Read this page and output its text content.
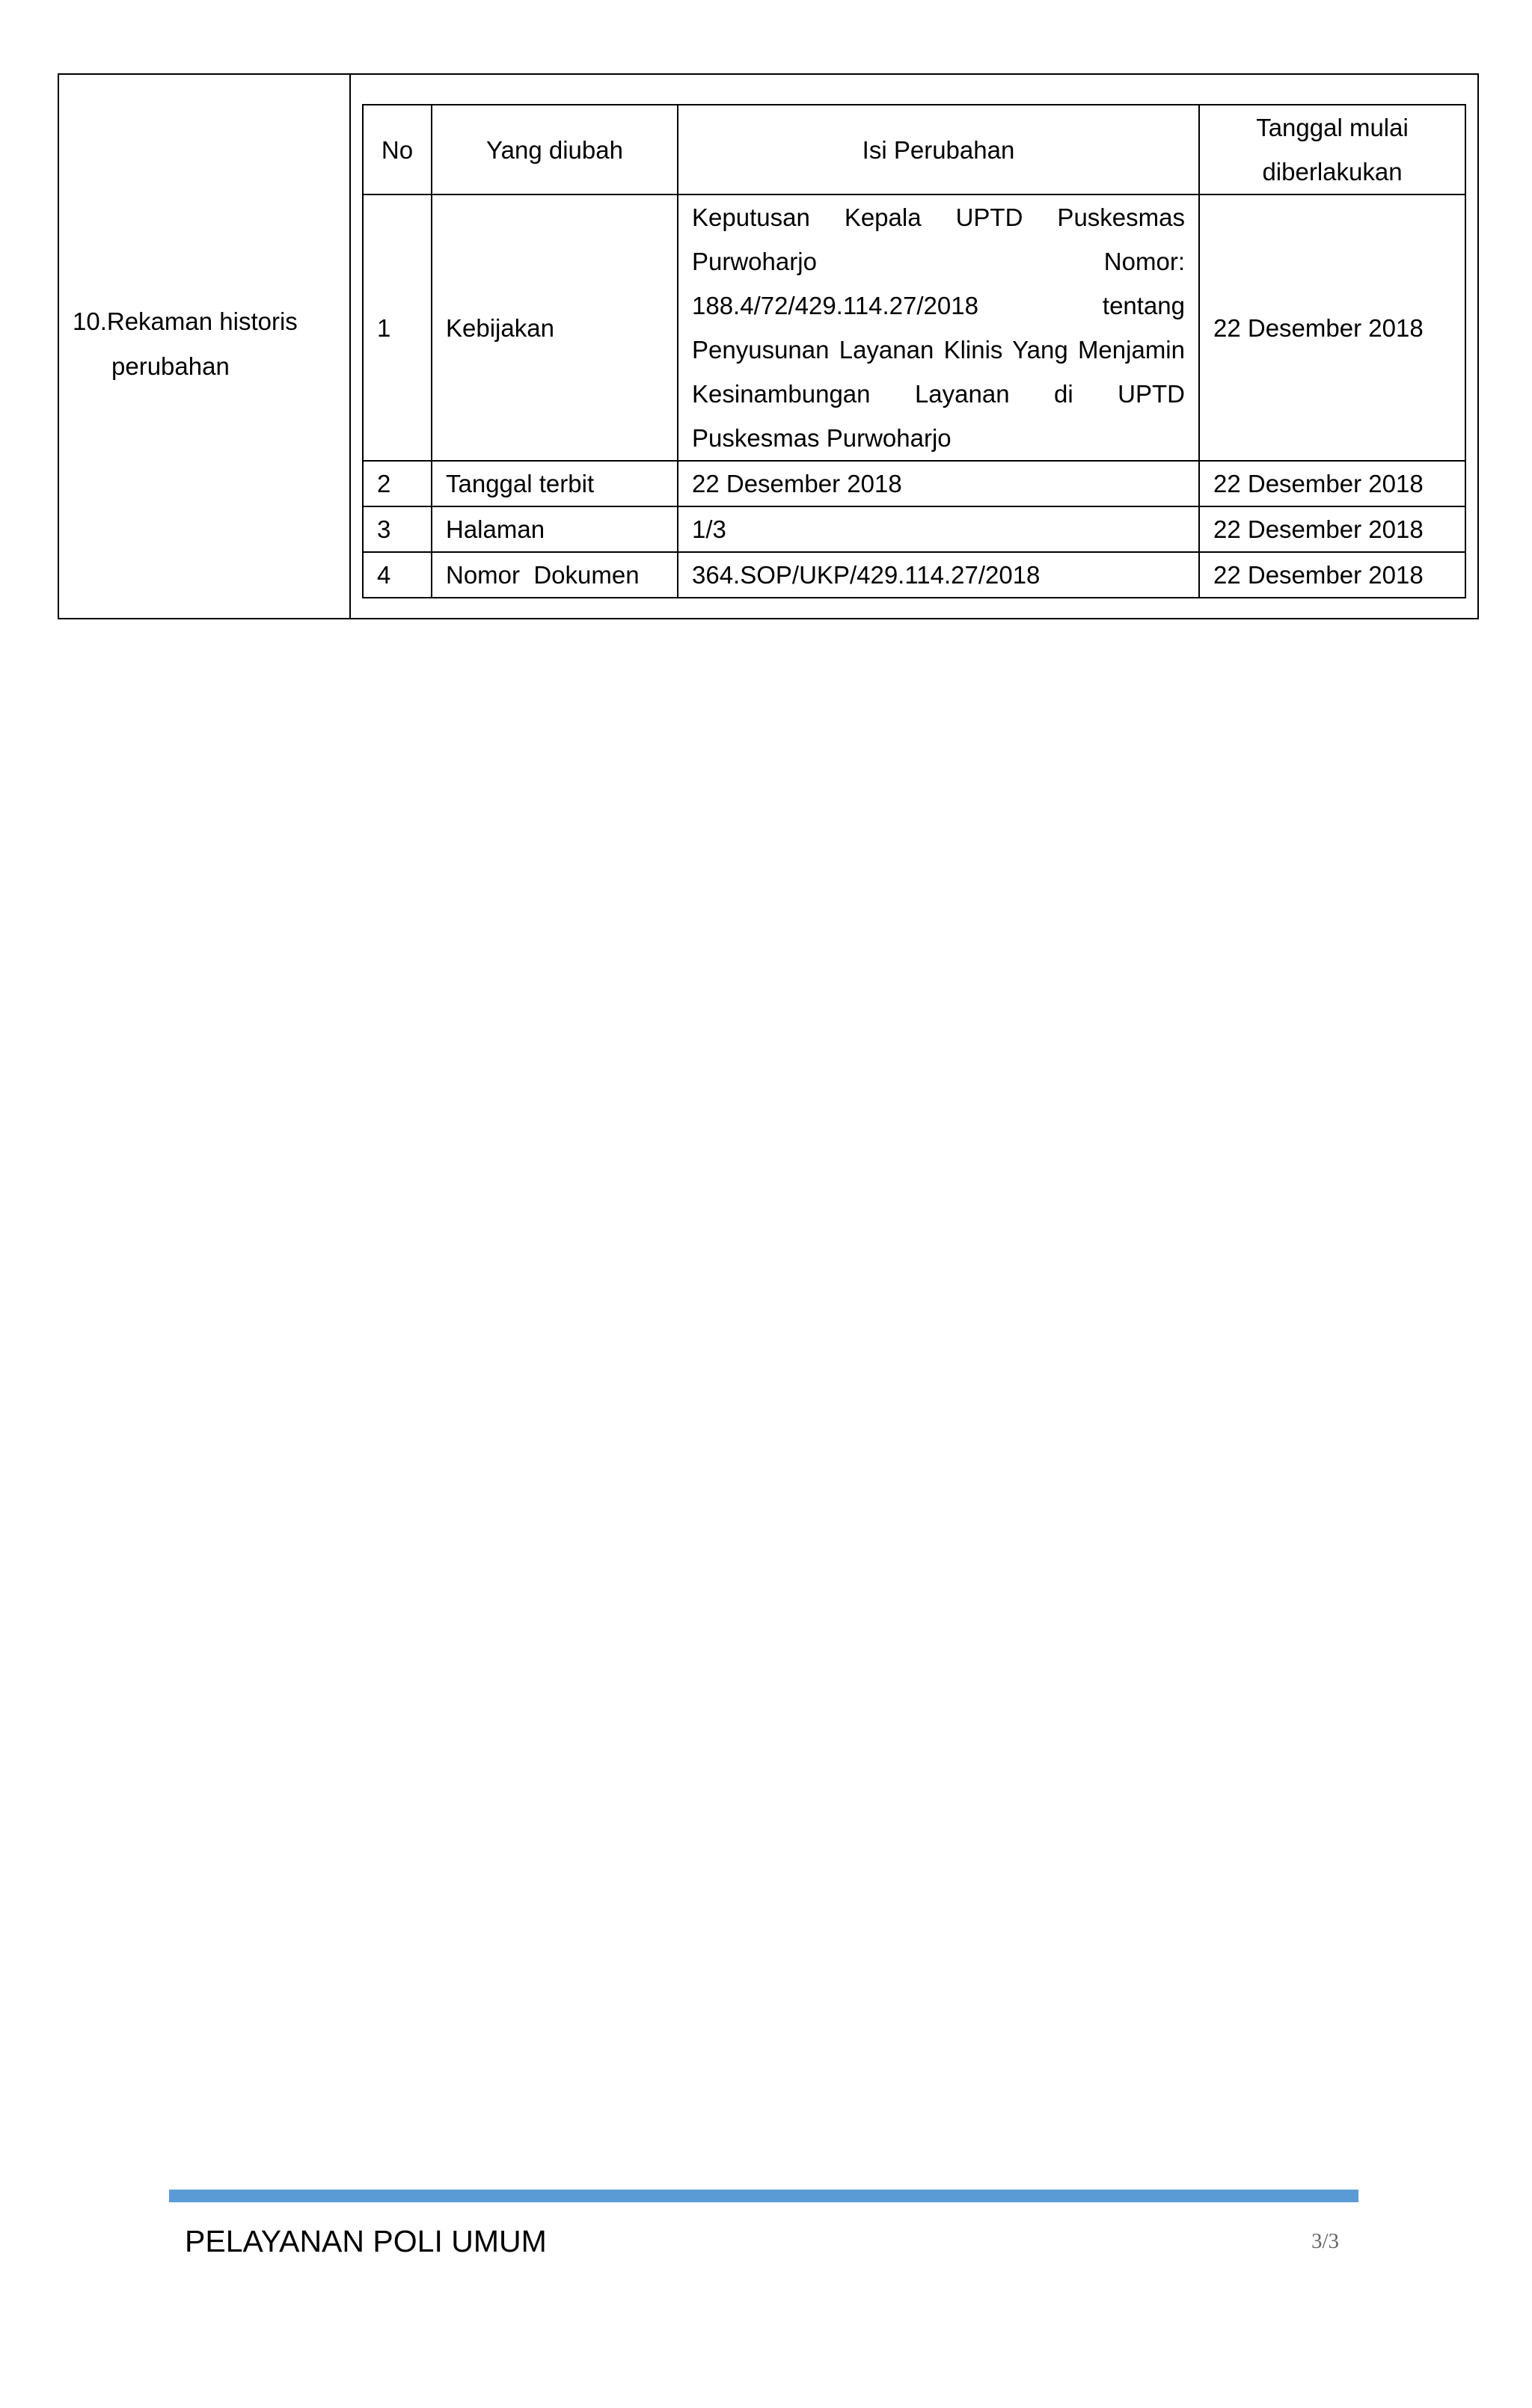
10.Rekaman historis
perubahan
No	Yang diubah	Isi Perubahan	Tanggal mulai diberlakukan
1	Kebijakan	Keputusan Kepala UPTD Puskesmas Purwoharjo Nomor: 188.4/72/429.114.27/2018 tentang Penyusunan Layanan Klinis Yang Menjamin Kesinambungan Layanan di UPTD Puskesmas Purwoharjo	22 Desember 2018
2	Tanggal terbit	22 Desember 2018	22 Desember 2018
3	Halaman	1/3	22 Desember 2018
4	Nomor  Dokumen	364.SOP/UKP/429.114.27/2018	22 Desember 2018
PELAYANAN POLI UMUM	3/3
